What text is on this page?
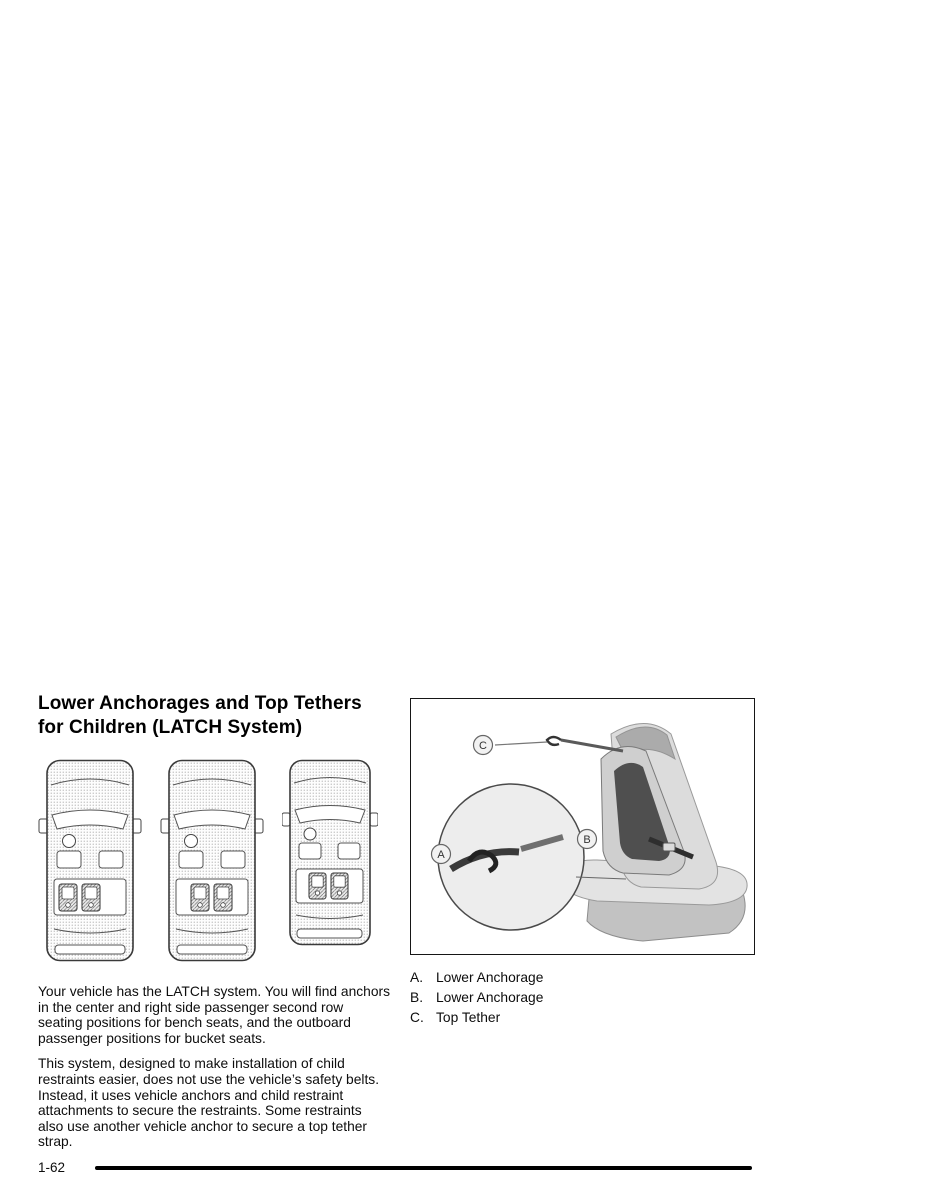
Lower Anchorages and Top Tethers
for Children (LATCH System)

Your vehicle has the LATCH system. You will find anchors in the center and right side passenger second row seating positions for bench seats, and the outboard passenger positions for bucket seats.

This system, designed to make installation of child restraints easier, does not use the vehicle’s safety belts. Instead, it uses vehicle anchors and child restraint attachments to secure the restraints. Some restraints also use another vehicle anchor to secure a top tether strap.

A
B
C
A. Lower Anchorage
B. Lower Anchorage
C. Top Tether
1-62
